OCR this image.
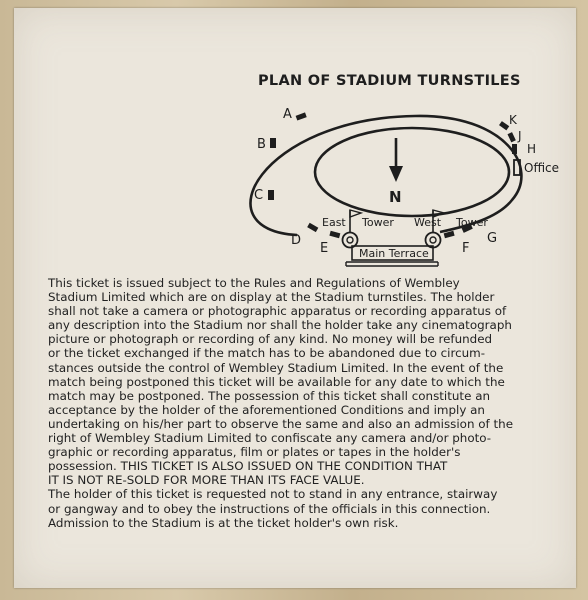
PLAN OF STADIUM TURNSTILES
A
B
C
D
E	F
G
H
J
K
Office
N
East Tower West Tower
Main Terrace
This ticket is issued subject to the Rules and Regulations of Wembley
Stadium Limited which are on display at the Stadium turnstiles. The holder
shall not take a camera or photographic apparatus or recording apparatus of
any description into the Stadium nor shall the holder take any cinematograph
picture or photograph or recording of any kind. No money will be refunded
or the ticket exchanged if the match has to be abandoned due to circum-
stances outside the control of Wembley Stadium Limited. In the event of the
match being postponed this ticket will be available for any date to which the
match may be postponed. The possession of this ticket shall constitute an
acceptance by the holder of the aforementioned Conditions and imply an
undertaking on his/her part to observe the same and also an admission of the
right of Wembley Stadium Limited to confiscate any camera and/or photo-
graphic or recording apparatus, film or plates or tapes in the holder's
possession. THIS TICKET IS ALSO ISSUED ON THE CONDITION THAT
IT IS NOT RE-SOLD FOR MORE THAN ITS FACE VALUE.
The holder of this ticket is requested not to stand in any entrance, stairway
or gangway and to obey the instructions of the officials in this connection.
Admission to the Stadium is at the ticket holder's own risk.
